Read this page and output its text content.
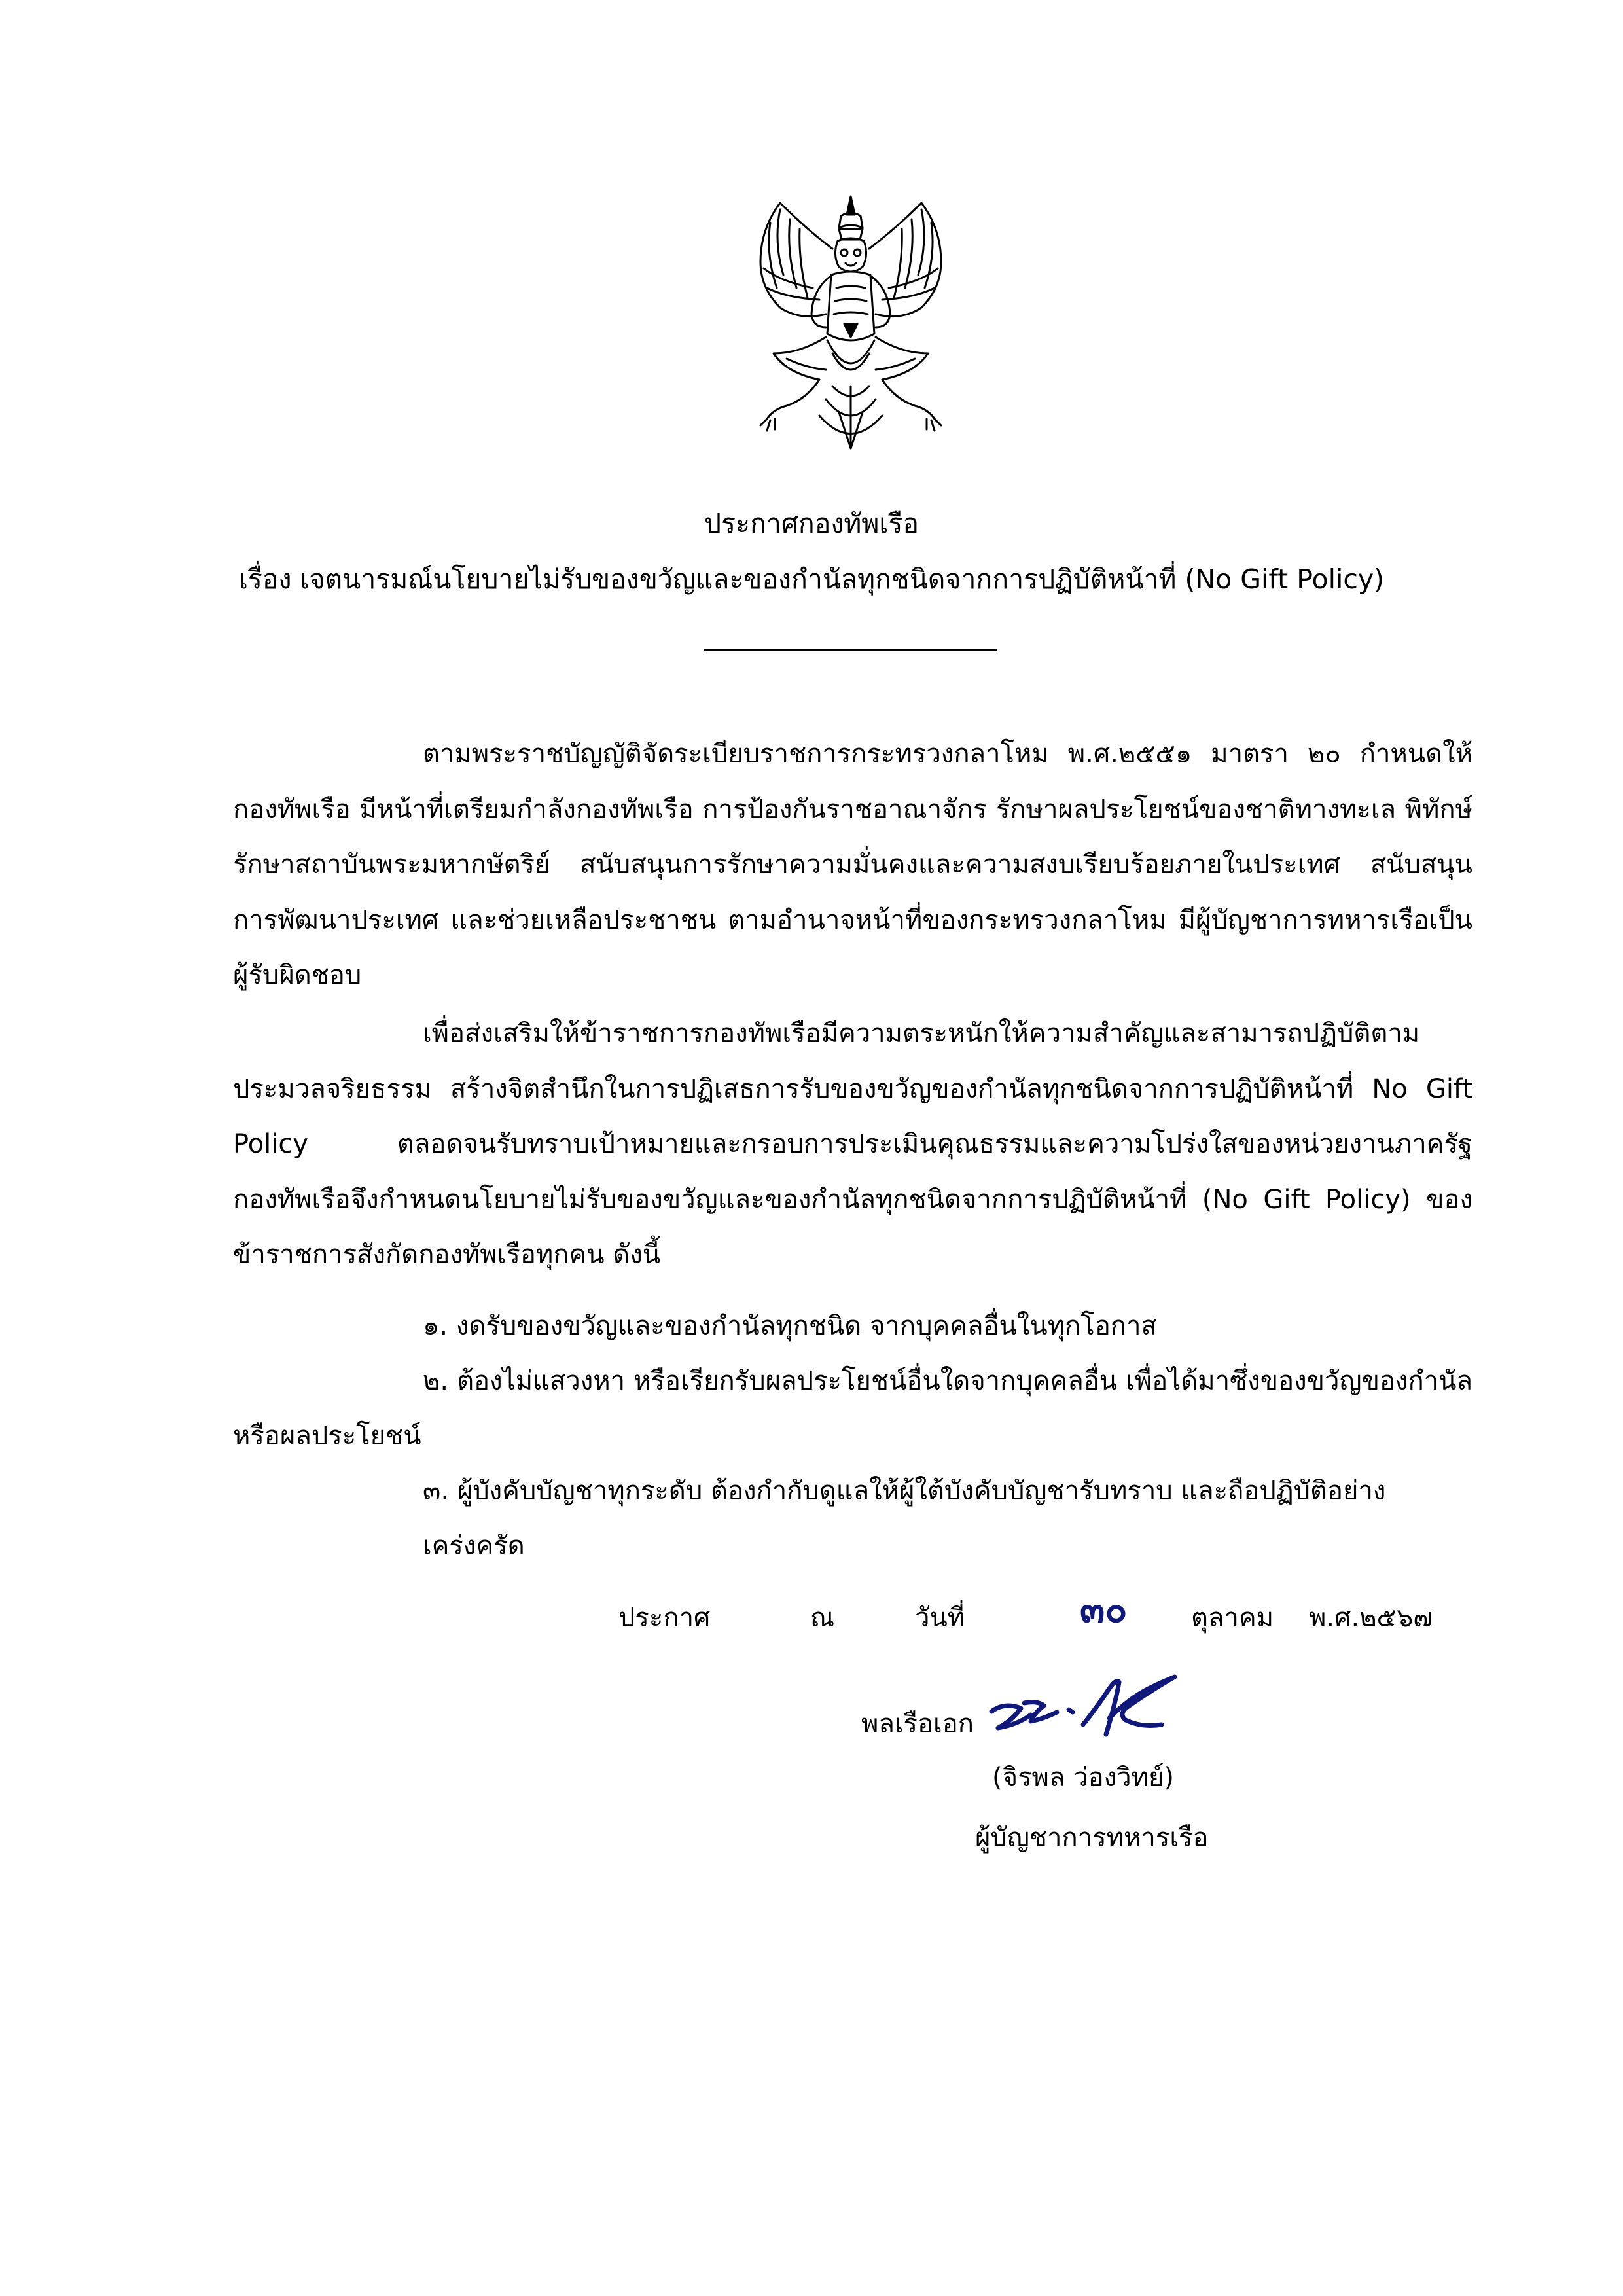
ประกาศกองทัพเรือ
เรื่อง เจตนารมณ์นโยบายไม่รับของขวัญและของกำนัลทุกชนิดจากการปฏิบัติหน้าที่ (No Gift Policy)

ตามพระราชบัญญัติจัดระเบียบราชการกระทรวงกลาโหม พ.ศ.๒๕๕๑ มาตรา ๒๐ กำหนดให้กองทัพเรือ มีหน้าที่เตรียมกำลังกองทัพเรือ การป้องกันราชอาณาจักร รักษาผลประโยชน์ของชาติทางทะเล พิทักษ์รักษาสถาบันพระมหากษัตริย์ สนับสนุนการรักษาความมั่นคงและความสงบเรียบร้อยภายในประเทศ สนับสนุนการพัฒนาประเทศ และช่วยเหลือประชาชน ตามอำนาจหน้าที่ของกระทรวงกลาโหม มีผู้บัญชาการทหารเรือเป็นผู้รับผิดชอบ

เพื่อส่งเสริมให้ข้าราชการกองทัพเรือมีความตระหนักให้ความสำคัญและสามารถปฏิบัติตามประมวลจริยธรรม สร้างจิตสำนึกในการปฏิเสธการรับของขวัญของกำนัลทุกชนิดจากการปฏิบัติหน้าที่ No Gift Policy ตลอดจนรับทราบเป้าหมายและกรอบการประเมินคุณธรรมและความโปร่งใสของหน่วยงานภาครัฐ กองทัพเรือจึงกำหนดนโยบายไม่รับของขวัญและของกำนัลทุกชนิดจากการปฏิบัติหน้าที่ (No Gift Policy) ของข้าราชการสังกัดกองทัพเรือทุกคน ดังนี้

๑. งดรับของขวัญและของกำนัลทุกชนิด จากบุคคลอื่นในทุกโอกาส

๒. ต้องไม่แสวงหา หรือเรียกรับผลประโยชน์อื่นใดจากบุคคลอื่น เพื่อได้มาซึ่งของขวัญของกำนัลหรือผลประโยชน์

๓. ผู้บังคับบัญชาทุกระดับ ต้องกำกับดูแลให้ผู้ใต้บังคับบัญชารับทราบ และถือปฏิบัติอย่างเคร่งครัด

ประกาศ	ณ	วันที่	๓๐ ตุลาคม พ.ศ.๒๕๖๗
พลเรือเอก
(จิรพล ว่องวิทย์)
ผู้บัญชาการทหารเรือ
